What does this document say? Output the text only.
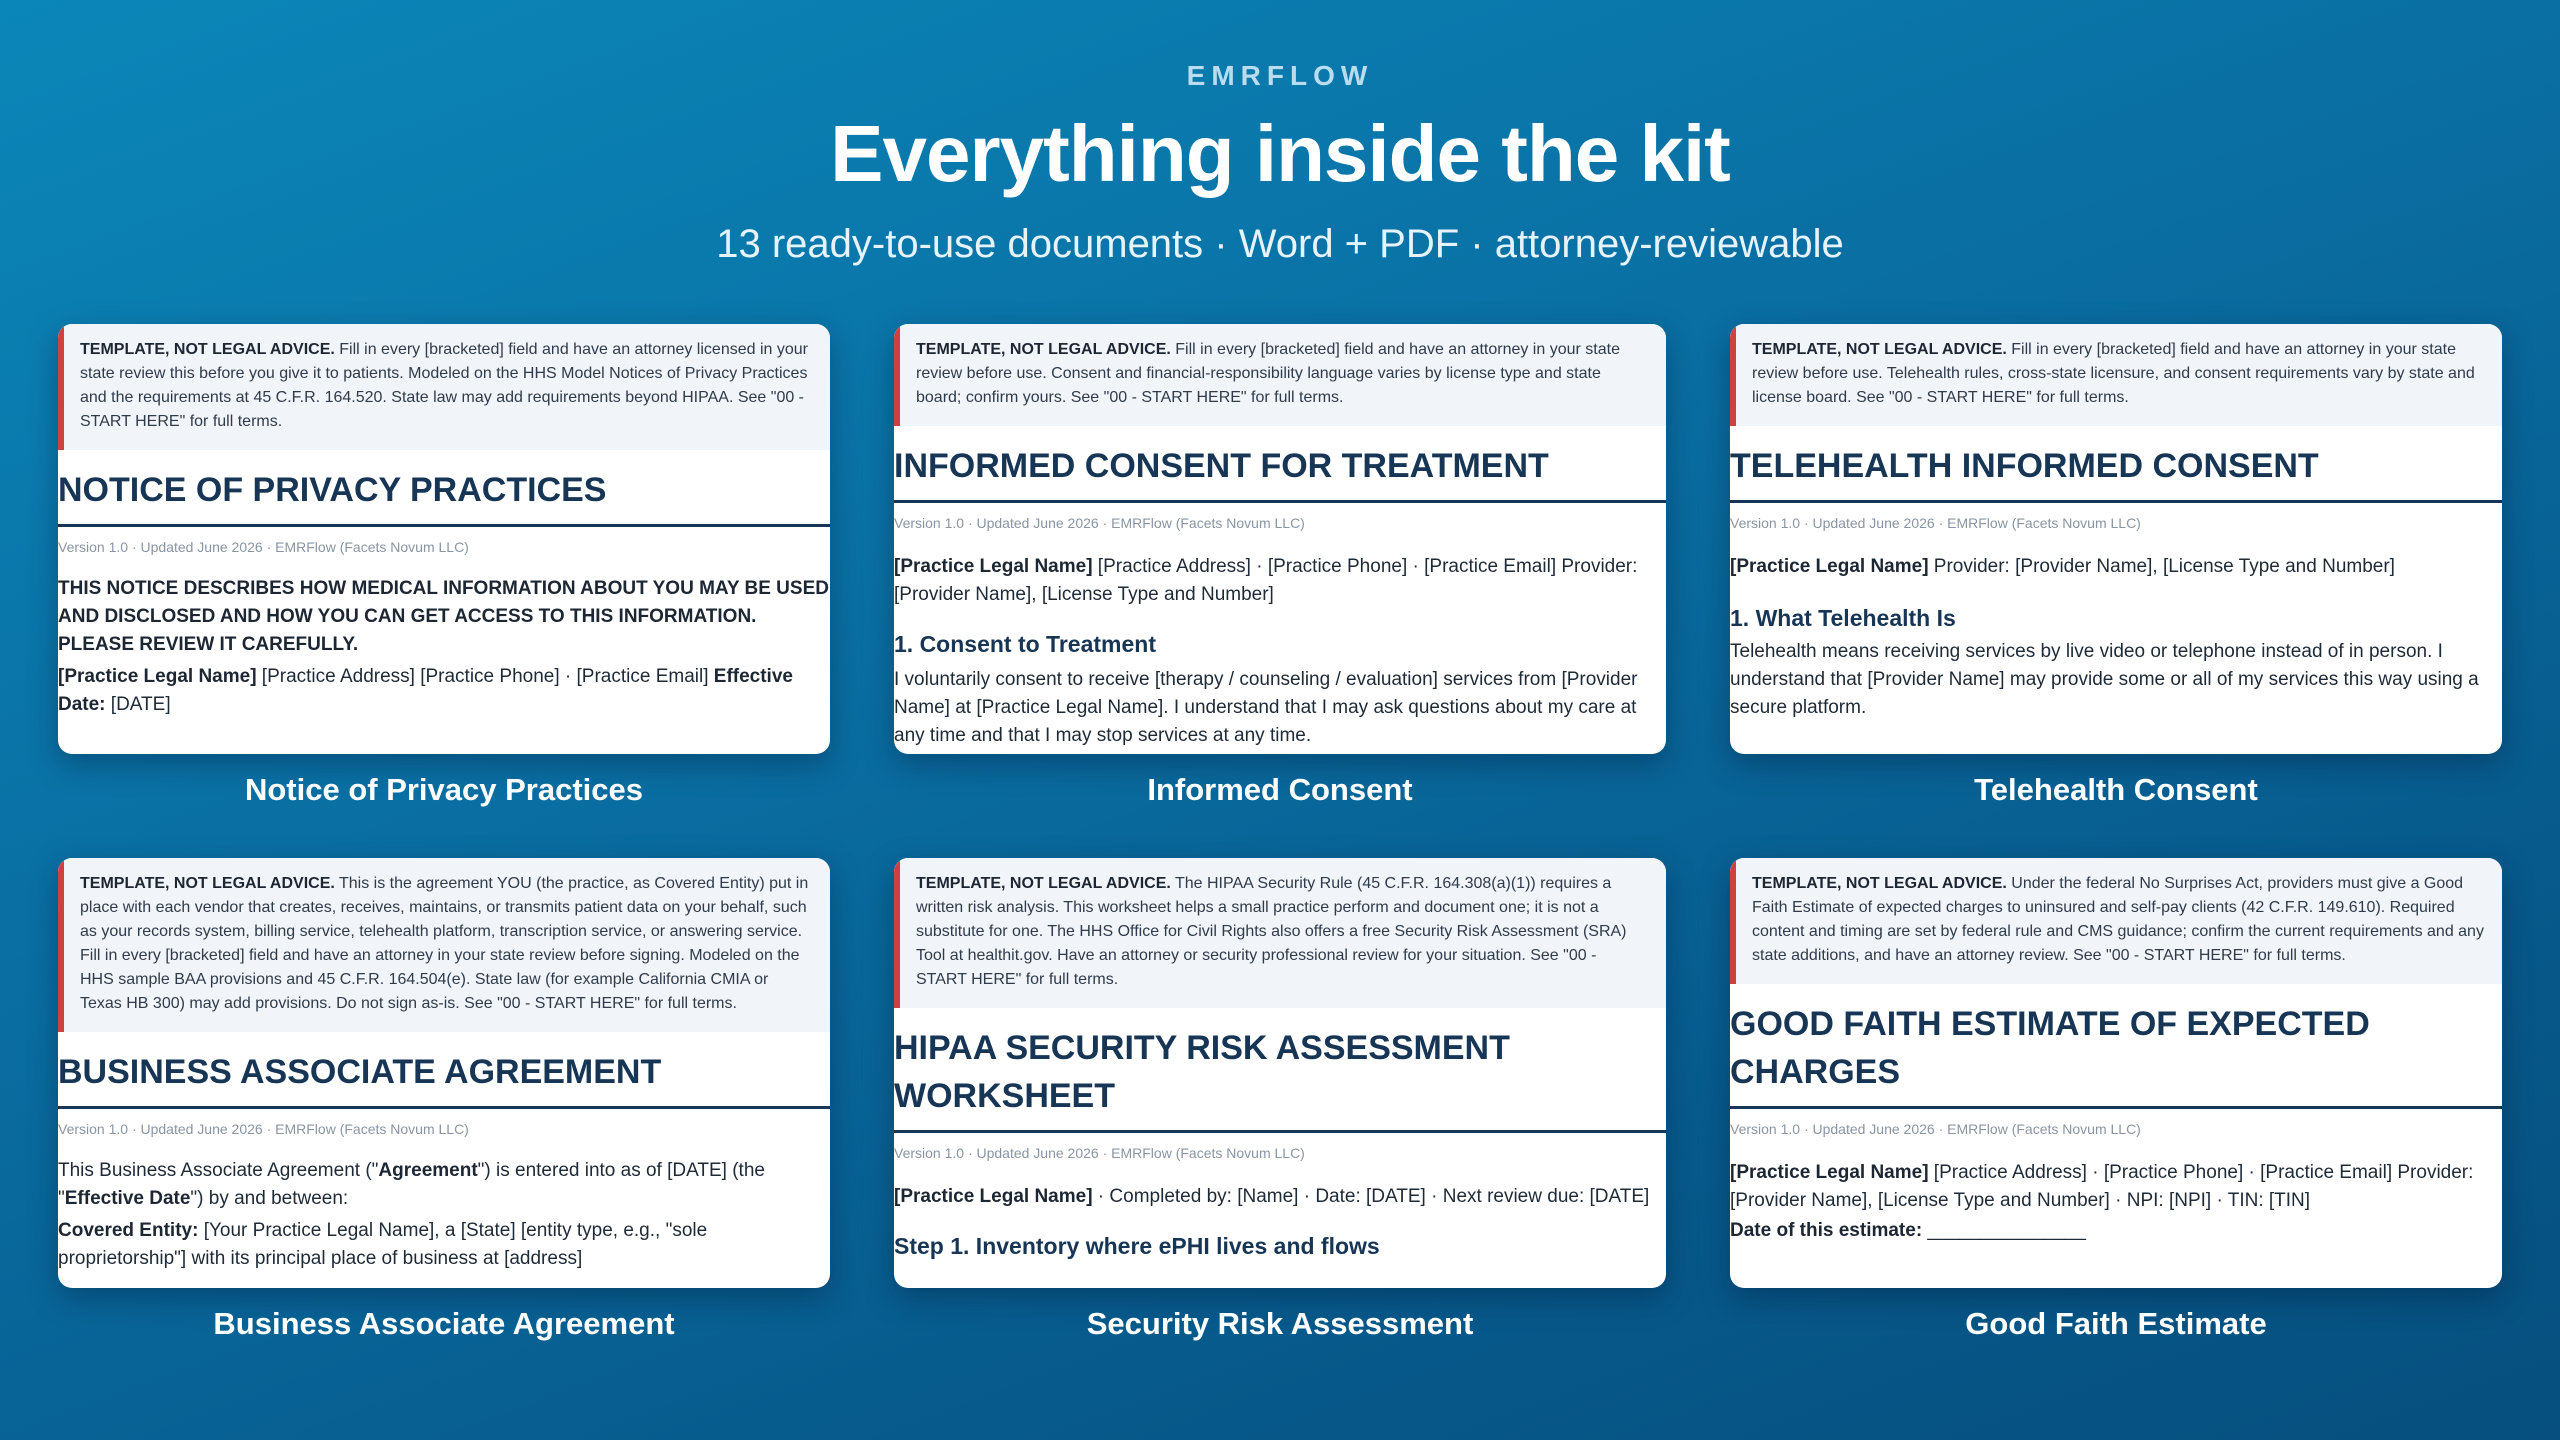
EMRFLOW
Everything inside the kit
13 ready-to-use documents · Word + PDF · attorney-reviewable
TEMPLATE, NOT LEGAL ADVICE. Fill in every [bracketed] field and have an attorney licensed in your state review this before you give it to patients. Modeled on the HHS Model Notices of Privacy Practices and the requirements at 45 C.F.R. 164.520. State law may add requirements beyond HIPAA. See "00 - START HERE" for full terms.
NOTICE OF PRIVACY PRACTICES
Version 1.0 · Updated June 2026 · EMRFlow (Facets Novum LLC)
THIS NOTICE DESCRIBES HOW MEDICAL INFORMATION ABOUT YOU MAY BE USED AND DISCLOSED AND HOW YOU CAN GET ACCESS TO THIS INFORMATION. PLEASE REVIEW IT CAREFULLY.
[Practice Legal Name] [Practice Address] [Practice Phone] · [Practice Email] Effective Date: [DATE]
Notice of Privacy Practices
TEMPLATE, NOT LEGAL ADVICE. Fill in every [bracketed] field and have an attorney in your state review before use. Consent and financial-responsibility language varies by license type and state board; confirm yours. See "00 - START HERE" for full terms.
INFORMED CONSENT FOR TREATMENT
Version 1.0 · Updated June 2026 · EMRFlow (Facets Novum LLC)
[Practice Legal Name] [Practice Address] · [Practice Phone] · [Practice Email] Provider: [Provider Name], [License Type and Number]
1. Consent to Treatment
I voluntarily consent to receive [therapy / counseling / evaluation] services from [Provider Name] at [Practice Legal Name]. I understand that I may ask questions about my care at any time and that I may stop services at any time.
Informed Consent
TEMPLATE, NOT LEGAL ADVICE. Fill in every [bracketed] field and have an attorney in your state review before use. Telehealth rules, cross-state licensure, and consent requirements vary by state and license board. See "00 - START HERE" for full terms.
TELEHEALTH INFORMED CONSENT
Version 1.0 · Updated June 2026 · EMRFlow (Facets Novum LLC)
[Practice Legal Name] Provider: [Provider Name], [License Type and Number]
1. What Telehealth Is
Telehealth means receiving services by live video or telephone instead of in person. I understand that [Provider Name] may provide some or all of my services this way using a secure platform.
Telehealth Consent
TEMPLATE, NOT LEGAL ADVICE. This is the agreement YOU (the practice, as Covered Entity) put in place with each vendor that creates, receives, maintains, or transmits patient data on your behalf, such as your records system, billing service, telehealth platform, transcription service, or answering service. Fill in every [bracketed] field and have an attorney in your state review before signing. Modeled on the HHS sample BAA provisions and 45 C.F.R. 164.504(e). State law (for example California CMIA or Texas HB 300) may add provisions. Do not sign as-is. See "00 - START HERE" for full terms.
BUSINESS ASSOCIATE AGREEMENT
Version 1.0 · Updated June 2026 · EMRFlow (Facets Novum LLC)
This Business Associate Agreement ("Agreement") is entered into as of [DATE] (the "Effective Date") by and between:
Covered Entity: [Your Practice Legal Name], a [State] [entity type, e.g., "sole proprietorship"] with its principal place of business at [address]
Business Associate Agreement
TEMPLATE, NOT LEGAL ADVICE. The HIPAA Security Rule (45 C.F.R. 164.308(a)(1)) requires a written risk analysis. This worksheet helps a small practice perform and document one; it is not a substitute for one. The HHS Office for Civil Rights also offers a free Security Risk Assessment (SRA) Tool at healthit.gov. Have an attorney or security professional review for your situation. See "00 - START HERE" for full terms.
HIPAA SECURITY RISK ASSESSMENT WORKSHEET
Version 1.0 · Updated June 2026 · EMRFlow (Facets Novum LLC)
[Practice Legal Name] · Completed by: [Name] · Date: [DATE] · Next review due: [DATE]
Step 1. Inventory where ePHI lives and flows
Security Risk Assessment
TEMPLATE, NOT LEGAL ADVICE. Under the federal No Surprises Act, providers must give a Good Faith Estimate of expected charges to uninsured and self-pay clients (42 C.F.R. 149.610). Required content and timing are set by federal rule and CMS guidance; confirm the current requirements and any state additions, and have an attorney review. See "00 - START HERE" for full terms.
GOOD FAITH ESTIMATE OF EXPECTED CHARGES
Version 1.0 · Updated June 2026 · EMRFlow (Facets Novum LLC)
[Practice Legal Name] [Practice Address] · [Practice Phone] · [Practice Email] Provider: [Provider Name], [License Type and Number] · NPI: [NPI] · TIN: [TIN]
Date of this estimate: _______________
Good Faith Estimate
